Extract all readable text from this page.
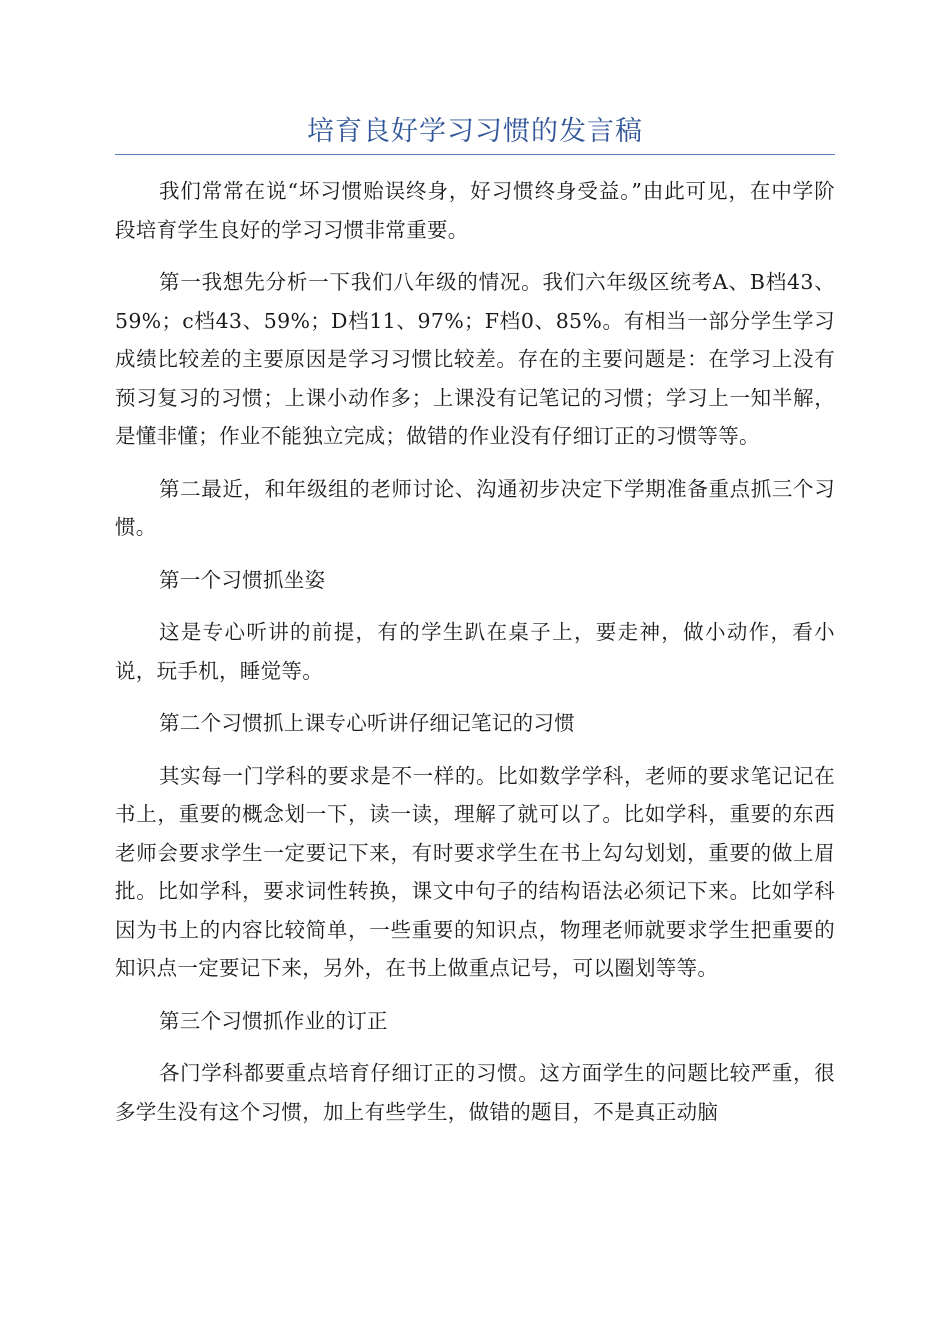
培育良好学习习惯的发言稿

我们常常在说“坏习惯贻误终身，好习惯终身受益。”由此可见，在中学阶段培育学生良好的学习习惯非常重要。

第一我想先分析一下我们八年级的情况。我们六年级区统考A、B档43、59%；c档43、59%；D档11、97%；F档0、85%。有相当一部分学生学习成绩比较差的主要原因是学习习惯比较差。存在的主要问题是：在学习上没有预习复习的习惯；上课小动作多；上课没有记笔记的习惯；学习上一知半解，是懂非懂；作业不能独立完成；做错的作业没有仔细订正的习惯等等。

第二最近，和年级组的老师讨论、沟通初步决定下学期准备重点抓三个习惯。

第一个习惯抓坐姿

这是专心听讲的前提，有的学生趴在桌子上，要走神，做小动作，看小说，玩手机，睡觉等。

第二个习惯抓上课专心听讲仔细记笔记的习惯

其实每一门学科的要求是不一样的。比如数学学科，老师的要求笔记记在书上，重要的概念划一下，读一读，理解了就可以了。比如学科，重要的东西老师会要求学生一定要记下来，有时要求学生在书上勾勾划划，重要的做上眉批。比如学科，要求词性转换，课文中句子的结构语法必须记下来。比如学科因为书上的内容比较简单，一些重要的知识点，物理老师就要求学生把重要的知识点一定要记下来，另外，在书上做重点记号，可以圈划等等。

第三个习惯抓作业的订正

各门学科都要重点培育仔细订正的习惯。这方面学生的问题比较严重，很多学生没有这个习惯，加上有些学生，做错的题目，不是真正动脑
